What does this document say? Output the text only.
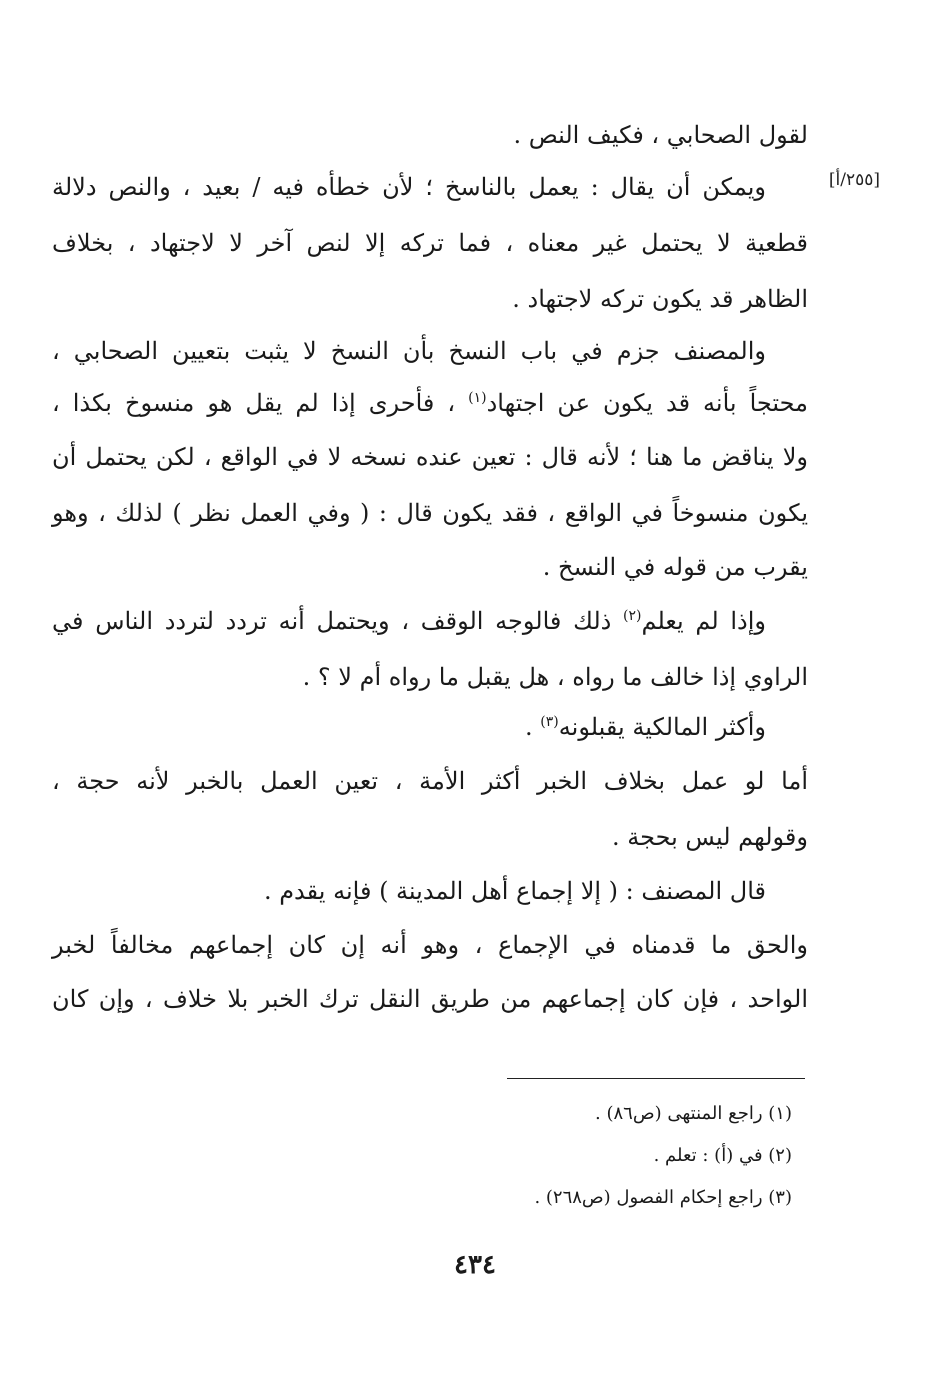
[٢٥٥/أ]
لقول الصحابي ، فكيف النص .
ويمكن أن يقال : يعمل بالناسخ ؛ لأن خطأه فيه / بعيد ، والنص دلالة
قطعية لا يحتمل غير معناه ، فما تركه إلا لنص آخر لا لاجتهاد ، بخلاف
الظاهر قد يكون تركه لاجتهاد .
والمصنف جزم في باب النسخ بأن النسخ لا يثبت بتعيين الصحابي ،
محتجاً بأنه قد يكون عن اجتهاد$^{(١)}$ ، فأحرى إذا لم يقل هو منسوخ بكذا ،
ولا يناقض ما هنا ؛ لأنه قال : تعين عنده نسخه لا في الواقع ، لكن يحتمل أن
يكون منسوخاً في الواقع ، فقد يكون قال : ( وفي العمل نظر ) لذلك ، وهو
يقرب من قوله في النسخ .
وإذا لم يعلم$^{(٢)}$ ذلك فالوجه الوقف ، ويحتمل أنه تردد لتردد الناس في
الراوي إذا خالف ما رواه ، هل يقبل ما رواه أم لا ؟ .
وأكثر المالكية يقبلونه$^{(٣)}$ .
أما لو عمل بخلاف الخبر أكثر الأمة ، تعين العمل بالخبر لأنه حجة ،
وقولهم ليس بحجة .
قال المصنف : ( إلا إجماع أهل المدينة ) فإنه يقدم .
والحق ما قدمناه في الإجماع ، وهو أنه إن كان إجماعهم مخالفاً لخبر
الواحد ، فإن كان إجماعهم من طريق النقل ترك الخبر بلا خلاف ، وإن كان
(١) راجع المنتهى (ص٨٦) .
(٢) في (أ) : تعلم .
(٣) راجع إحكام الفصول (ص٢٦٨) .
٤٣٤
